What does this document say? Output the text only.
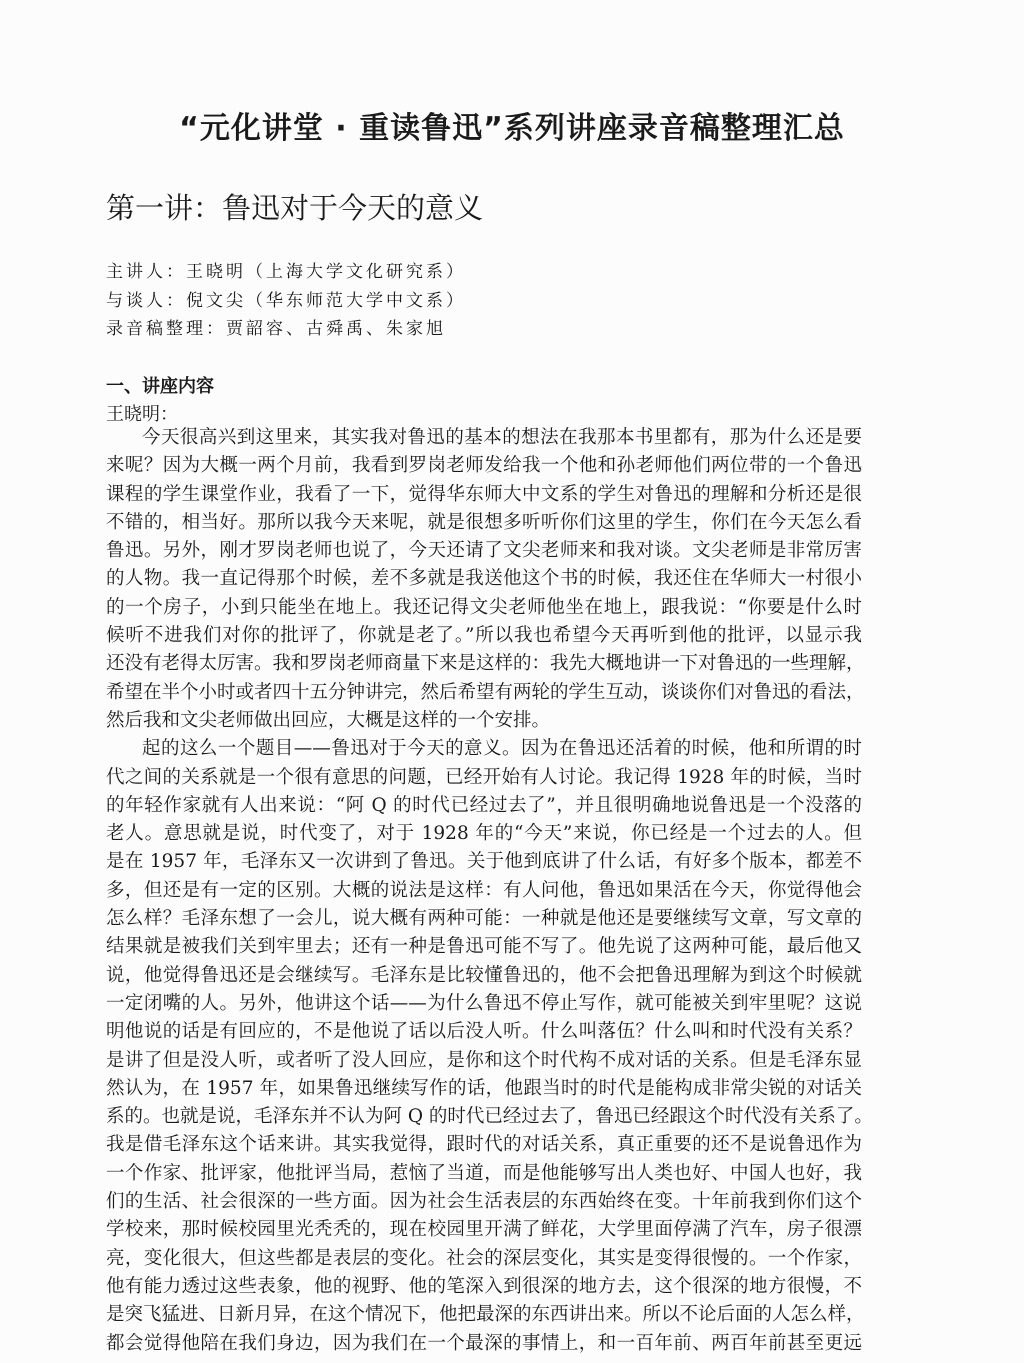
“元化讲堂 · 重读鲁迅”系列讲座录音稿整理汇总
第一讲：鲁迅对于今天的意义
主讲人：王晓明（上海大学文化研究系）
与谈人：倪文尖（华东师范大学中文系）
录音稿整理：贾韶容、古舜禹、朱家旭
一、讲座内容
王晓明：
今天很高兴到这里来，其实我对鲁迅的基本的想法在我那本书里都有，那为什么还是要
来呢？因为大概一两个月前，我看到罗岗老师发给我一个他和孙老师他们两位带的一个鲁迅
课程的学生课堂作业，我看了一下，觉得华东师大中文系的学生对鲁迅的理解和分析还是很
不错的，相当好。那所以我今天来呢，就是很想多听听你们这里的学生，你们在今天怎么看
鲁迅。另外，刚才罗岗老师也说了，今天还请了文尖老师来和我对谈。文尖老师是非常厉害
的人物。我一直记得那个时候，差不多就是我送他这个书的时候，我还住在华师大一村很小
的一个房子，小到只能坐在地上。我还记得文尖老师他坐在地上，跟我说：“你要是什么时
候听不进我们对你的批评了，你就是老了。”所以我也希望今天再听到他的批评，以显示我
还没有老得太厉害。我和罗岗老师商量下来是这样的：我先大概地讲一下对鲁迅的一些理解，
希望在半个小时或者四十五分钟讲完，然后希望有两轮的学生互动，谈谈你们对鲁迅的看法，
然后我和文尖老师做出回应，大概是这样的一个安排。
起的这么一个题目——鲁迅对于今天的意义。因为在鲁迅还活着的时候，他和所谓的时
代之间的关系就是一个很有意思的问题，已经开始有人讨论。我记得 1928 年的时候，当时
的年轻作家就有人出来说：“阿 Q 的时代已经过去了”，并且很明确地说鲁迅是一个没落的
老人。意思就是说，时代变了，对于 1928 年的“今天”来说，你已经是一个过去的人。但
是在 1957 年，毛泽东又一次讲到了鲁迅。关于他到底讲了什么话，有好多个版本，都差不
多，但还是有一定的区别。大概的说法是这样：有人问他，鲁迅如果活在今天，你觉得他会
怎么样？毛泽东想了一会儿，说大概有两种可能：一种就是他还是要继续写文章，写文章的
结果就是被我们关到牢里去；还有一种是鲁迅可能不写了。他先说了这两种可能，最后他又
说，他觉得鲁迅还是会继续写。毛泽东是比较懂鲁迅的，他不会把鲁迅理解为到这个时候就
一定闭嘴的人。另外，他讲这个话——为什么鲁迅不停止写作，就可能被关到牢里呢？这说
明他说的话是有回应的，不是他说了话以后没人听。什么叫落伍？什么叫和时代没有关系？
是讲了但是没人听，或者听了没人回应，是你和这个时代构不成对话的关系。但是毛泽东显
然认为，在 1957 年，如果鲁迅继续写作的话，他跟当时的时代是能构成非常尖锐的对话关
系的。也就是说，毛泽东并不认为阿 Q 的时代已经过去了，鲁迅已经跟这个时代没有关系了。
我是借毛泽东这个话来讲。其实我觉得，跟时代的对话关系，真正重要的还不是说鲁迅作为
一个作家、批评家，他批评当局，惹恼了当道，而是他能够写出人类也好、中国人也好，我
们的生活、社会很深的一些方面。因为社会生活表层的东西始终在变。十年前我到你们这个
学校来，那时候校园里光秃秃的，现在校园里开满了鲜花，大学里面停满了汽车，房子很漂
亮，变化很大，但这些都是表层的变化。社会的深层变化，其实是变得很慢的。一个作家，
他有能力透过这些表象，他的视野、他的笔深入到很深的地方去，这个很深的地方很慢，不
是突飞猛进、日新月异，在这个情况下，他把最深的东西讲出来。所以不论后面的人怎么样，
都会觉得他陪在我们身边，因为我们在一个最深的事情上，和一百年前、两百年前甚至更远
